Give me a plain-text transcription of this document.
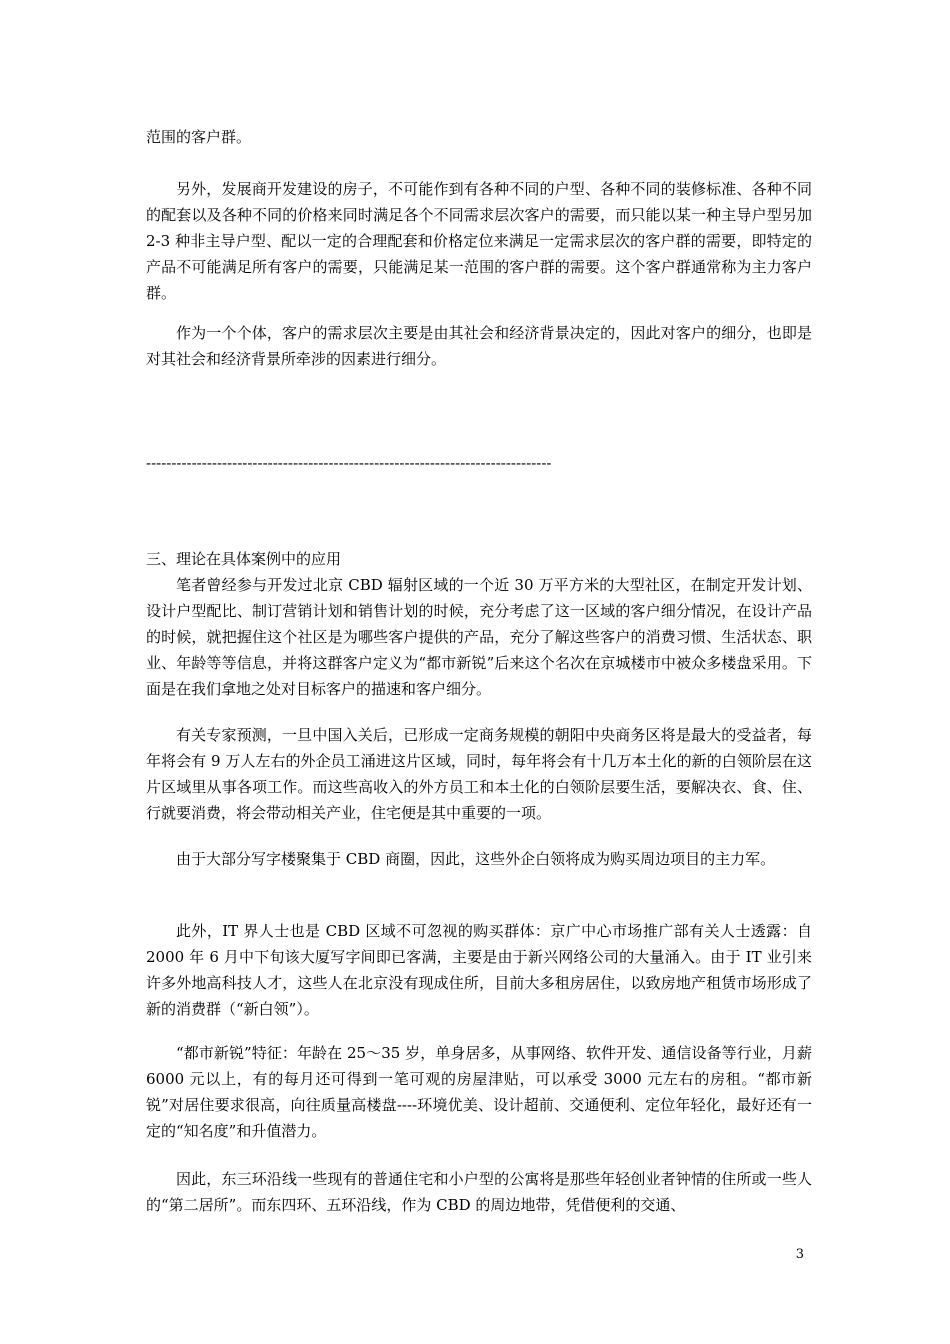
范围的客户群。

另外，发展商开发建设的房子，不可能作到有各种不同的户型、各种不同的装修标准、各种不同的配套以及各种不同的价格来同时满足各个不同需求层次客户的需要，而只能以某一种主导户型另加 2-3 种非主导户型、配以一定的合理配套和价格定位来满足一定需求层次的客户群的需要，即特定的产品不可能满足所有客户的需要，只能满足某一范围的客户群的需要。这个客户群通常称为主力客户群。

作为一个个体，客户的需求层次主要是由其社会和经济背景决定的，因此对客户的细分，也即是对其社会和经济背景所牵涉的因素进行细分。

--------------------------------------------------------------------------------

三、理论在具体案例中的应用

笔者曾经参与开发过北京 CBD 辐射区域的一个近 30 万平方米的大型社区，在制定开发计划、设计户型配比、制订营销计划和销售计划的时候，充分考虑了这一区域的客户细分情况，在设计产品的时候，就把握住这个社区是为哪些客户提供的产品，充分了解这些客户的消费习惯、生活状态、职业、年龄等等信息，并将这群客户定义为“都市新锐”后来这个名次在京城楼市中被众多楼盘采用。下面是在我们拿地之处对目标客户的描速和客户细分。

有关专家预测，一旦中国入关后，已形成一定商务规模的朝阳中央商务区将是最大的受益者，每年将会有 9 万人左右的外企员工涌进这片区域，同时，每年将会有十几万本土化的新的白领阶层在这片区域里从事各项工作。而这些高收入的外方员工和本土化的白领阶层要生活，要解决衣、食、住、行就要消费，将会带动相关产业，住宅便是其中重要的一项。

由于大部分写字楼聚集于 CBD 商圈，因此，这些外企白领将成为购买周边项目的主力军。

此外，IT 界人士也是 CBD 区域不可忽视的购买群体：京广中心市场推广部有关人士透露：自 2000 年 6 月中下旬该大厦写字间即已客满，主要是由于新兴网络公司的大量涌入。由于 IT 业引来许多外地高科技人才，这些人在北京没有现成住所，目前大多租房居住，以致房地产租赁市场形成了新的消费群（“新白领”）。

“都市新锐”特征：年龄在 25～35 岁，单身居多，从事网络、软件开发、通信设备等行业，月薪 6000 元以上，有的每月还可得到一笔可观的房屋津贴，可以承受 3000 元左右的房租。“都市新锐”对居住要求很高，向往质量高楼盘----环境优美、设计超前、交通便利、定位年轻化，最好还有一定的“知名度”和升值潜力。

因此，东三环沿线一些现有的普通住宅和小户型的公寓将是那些年轻创业者钟情的住所或一些人的“第二居所”。而东四环、五环沿线，作为 CBD 的周边地带，凭借便利的交通、

3
